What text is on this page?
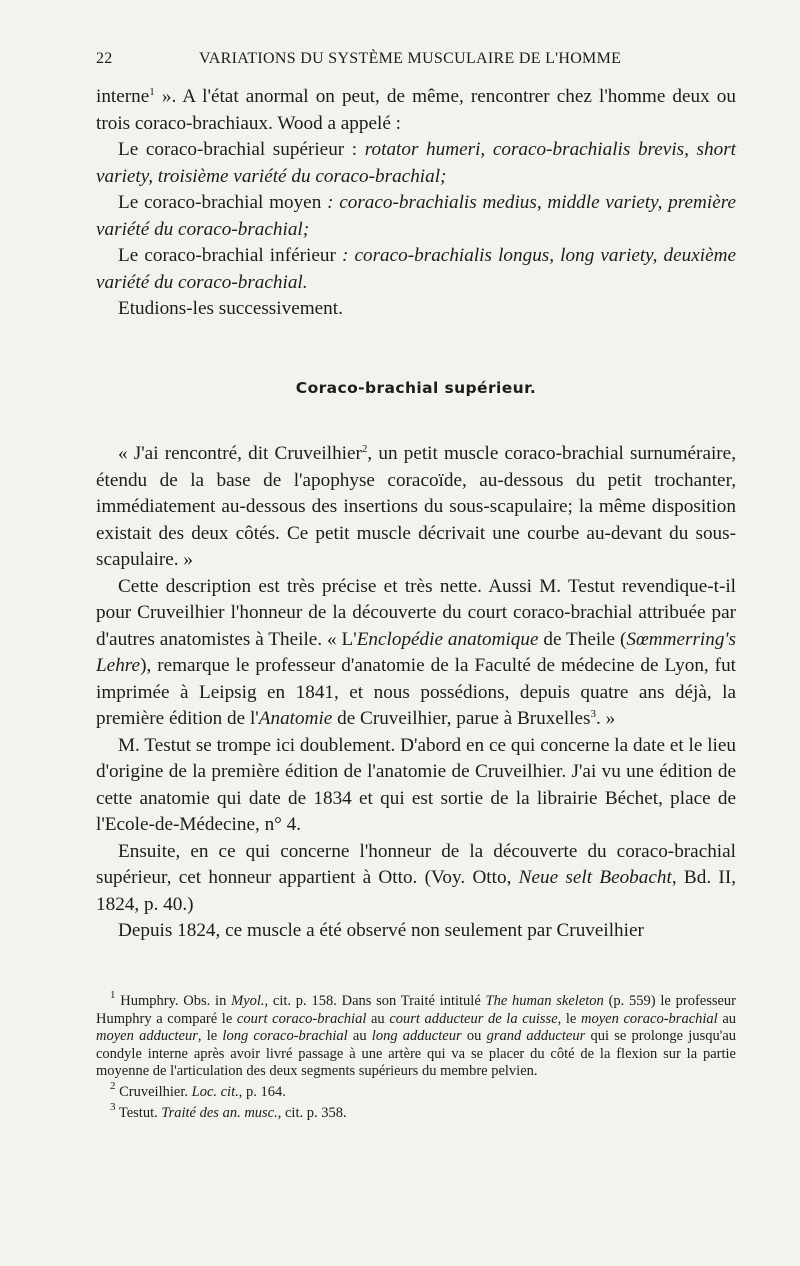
22	VARIATIONS DU SYSTÈME MUSCULAIRE DE L'HOMME

interne$^1$ ». A l'état anormal on peut, de même, rencontrer chez l'homme deux ou trois coraco-brachiaux. Wood a appelé :

Le coraco-brachial supérieur : rotator humeri, coraco-brachialis brevis, short variety, troisième variété du coraco-brachial;

Le coraco-brachial moyen : coraco-brachialis medius, middle variety, première variété du coraco-brachial;

Le coraco-brachial inférieur : coraco-brachialis longus, long variety, deuxième variété du coraco-brachial.

Etudions-les successivement.

Coraco-brachial supérieur.

« J'ai rencontré, dit Cruveilhier$^2$, un petit muscle coraco-brachial surnuméraire, étendu de la base de l'apophyse coracoïde, au-dessous du petit trochanter, immédiatement au-dessous des insertions du sous-scapulaire; la même disposition existait des deux côtés. Ce petit muscle décrivait une courbe au-devant du sous-scapulaire. »

Cette description est très précise et très nette. Aussi M. Testut revendique-t-il pour Cruveilhier l'honneur de la découverte du court coraco-brachial attribuée par d'autres anatomistes à Theile. « L'Enclopédie anatomique de Theile (Sœmmerring's Lehre), remarque le professeur d'anatomie de la Faculté de médecine de Lyon, fut imprimée à Leipsig en 1841, et nous possédions, depuis quatre ans déjà, la première édition de l'Anatomie de Cruveilhier, parue à Bruxelles$^3$. »

M. Testut se trompe ici doublement. D'abord en ce qui concerne la date et le lieu d'origine de la première édition de l'anatomie de Cruveilhier. J'ai vu une édition de cette anatomie qui date de 1834 et qui est sortie de la librairie Béchet, place de l'Ecole-de-Médecine, n° 4.

Ensuite, en ce qui concerne l'honneur de la découverte du coraco-brachial supérieur, cet honneur appartient à Otto. (Voy. Otto, Neue selt Beobacht, Bd. II, 1824, p. 40.)

Depuis 1824, ce muscle a été observé non seulement par Cruveilhier

$^1$ Humphry. Obs. in Myol., cit. p. 158. Dans son Traité intitulé The human skeleton (p. 559) le professeur Humphry a comparé le court coraco-brachial au court adducteur de la cuisse, le moyen coraco-brachial au moyen adducteur, le long coraco-brachial au long adducteur ou grand adducteur qui se prolonge jusqu'au condyle interne après avoir livré passage à une artère qui va se placer du côté de la flexion sur la partie moyenne de l'articulation des deux segments supérieurs du membre pelvien.

$^2$ Cruveilhier. Loc. cit., p. 164.

$^3$ Testut. Traité des an. musc., cit. p. 358.
